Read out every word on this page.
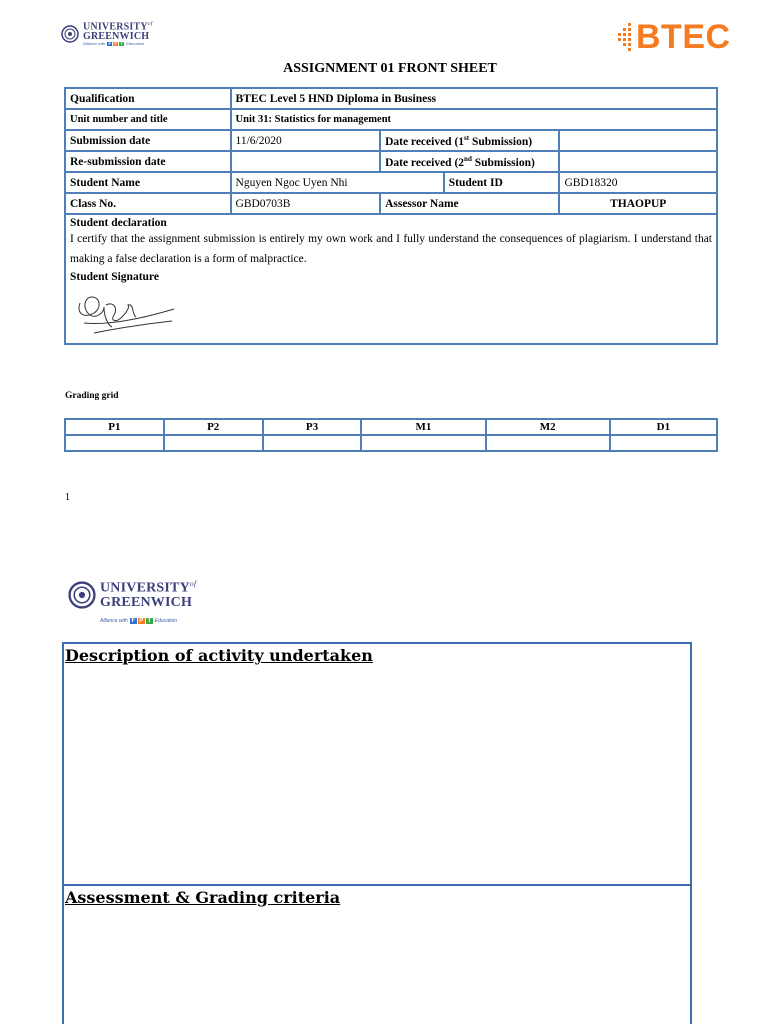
$UNIVERSITY^{of}$
GREENWICH
Alliance with F P T Education	BTEC
ASSIGNMENT 01 FRONT SHEET
Qualification	BTEC Level 5 HND Diploma in Business			
Unit number and title	Unit 31: Statistics for management			
Submission date	11/6/2020	Date received (1st Submission)		
Re-submission date		Date received (2nd Submission)		
Student Name	Nguyen Ngoc Uyen Nhi		Student ID	GBD18320
Class No.	GBD0703B	Assessor Name		THAOPUP

Student declaration
I certify that the assignment submission is entirely my own work and I fully understand the consequences of plagiarism. I understand that making a false declaration is a form of malpractice.
Student Signature				
Grading grid
P1	P2	P3	M1	M2	D1

1
$UNIVERSITY^{of}$
GREENWICH
Alliance with F P T Education
Description of activity undertaken
Assessment & Grading criteria
